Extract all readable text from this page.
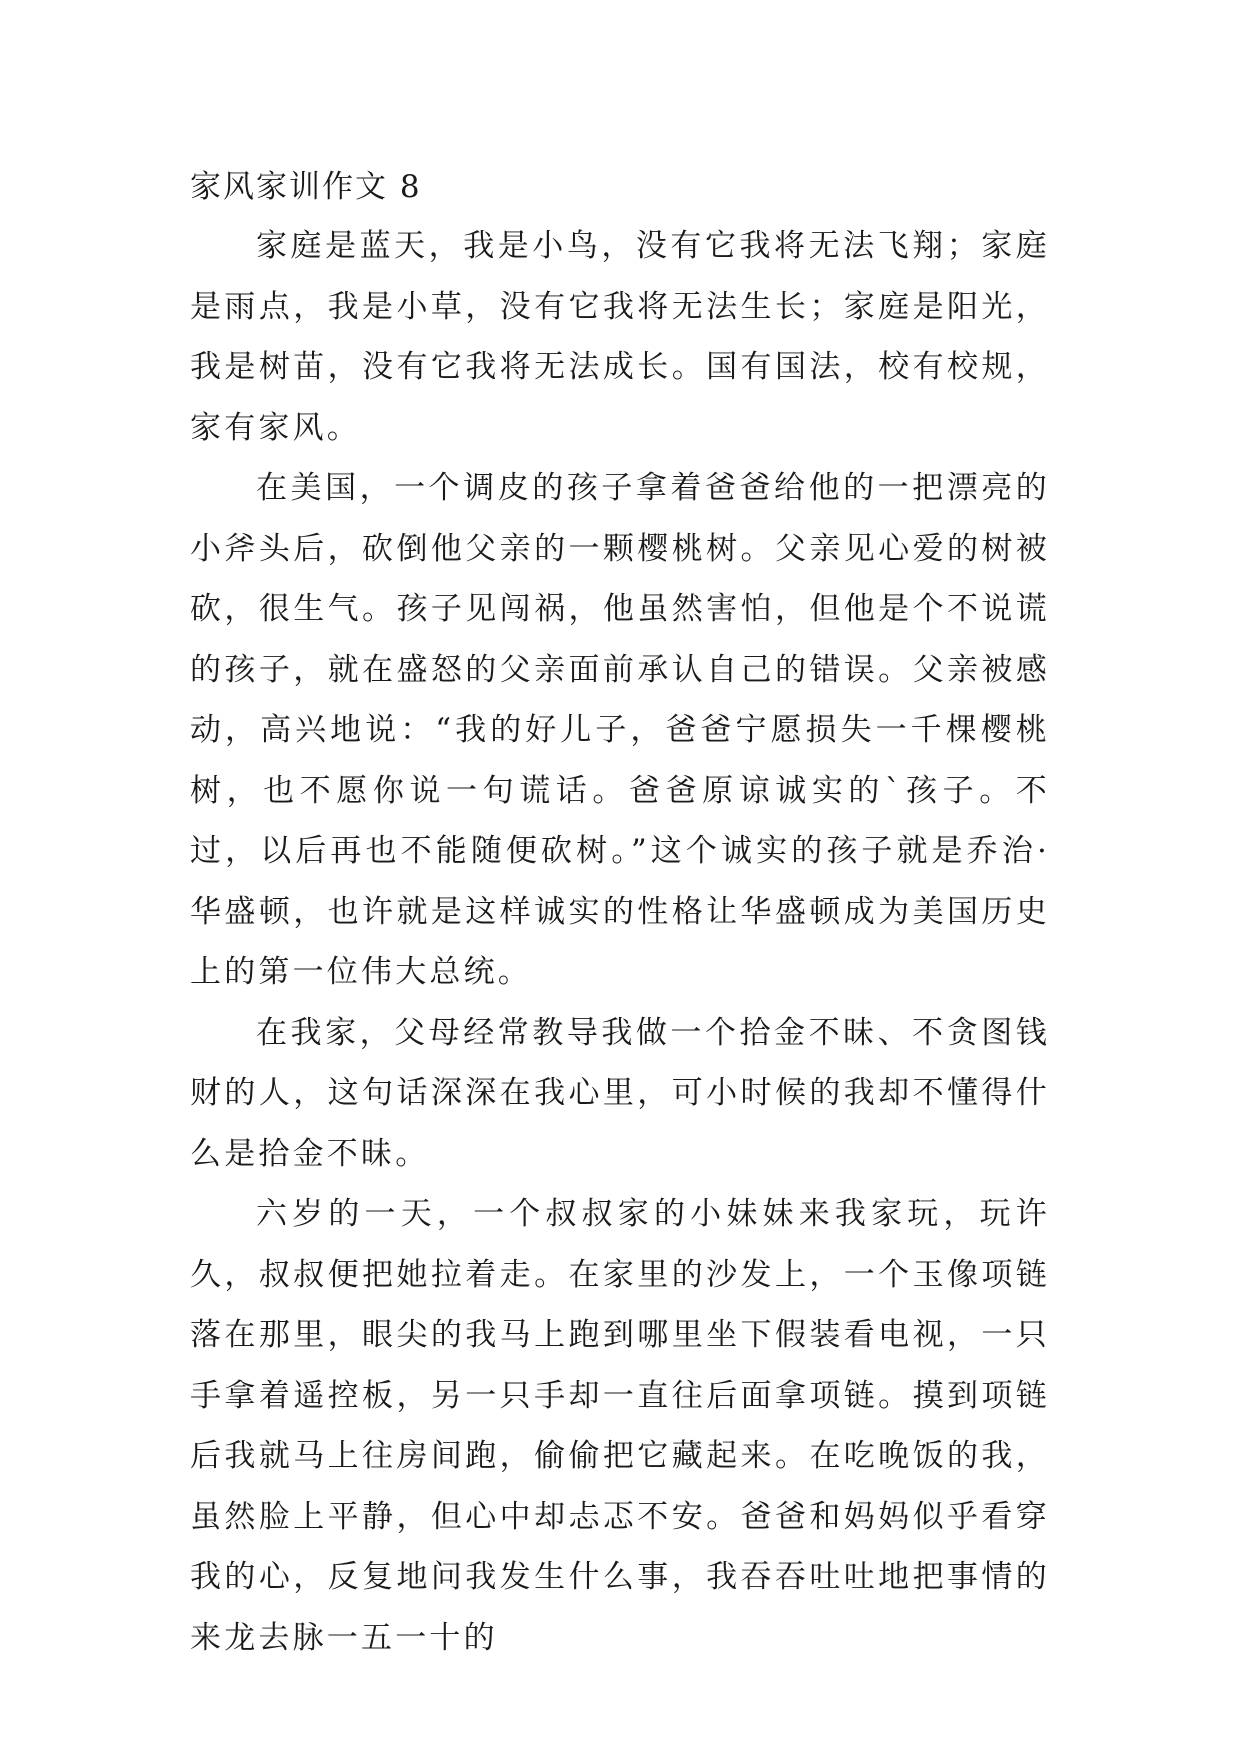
家风家训作文 8

家庭是蓝天，我是小鸟，没有它我将无法飞翔；家庭是雨点，我是小草，没有它我将无法生长；家庭是阳光，我是树苗，没有它我将无法成长。国有国法，校有校规，家有家风。

在美国，一个调皮的孩子拿着爸爸给他的一把漂亮的小斧头后，砍倒他父亲的一颗樱桃树。父亲见心爱的树被砍，很生气。孩子见闯祸，他虽然害怕，但他是个不说谎的孩子，就在盛怒的父亲面前承认自己的错误。父亲被感动，高兴地说：“我的好儿子，爸爸宁愿损失一千棵樱桃树，也不愿你说一句谎话。爸爸原谅诚实的`孩子。不过，以后再也不能随便砍树。”这个诚实的孩子就是乔治·华盛顿，也许就是这样诚实的性格让华盛顿成为美国历史上的第一位伟大总统。

在我家，父母经常教导我做一个拾金不昧、不贪图钱财的人，这句话深深在我心里，可小时候的我却不懂得什么是拾金不昧。

六岁的一天，一个叔叔家的小妹妹来我家玩，玩许久，叔叔便把她拉着走。在家里的沙发上，一个玉像项链落在那里，眼尖的我马上跑到哪里坐下假装看电视，一只手拿着遥控板，另一只手却一直往后面拿项链。摸到项链后我就马上往房间跑，偷偷把它藏起来。在吃晚饭的我，虽然脸上平静，但心中却忐忑不安。爸爸和妈妈似乎看穿我的心，反复地问我发生什么事，我吞吞吐吐地把事情的来龙去脉一五一十的
